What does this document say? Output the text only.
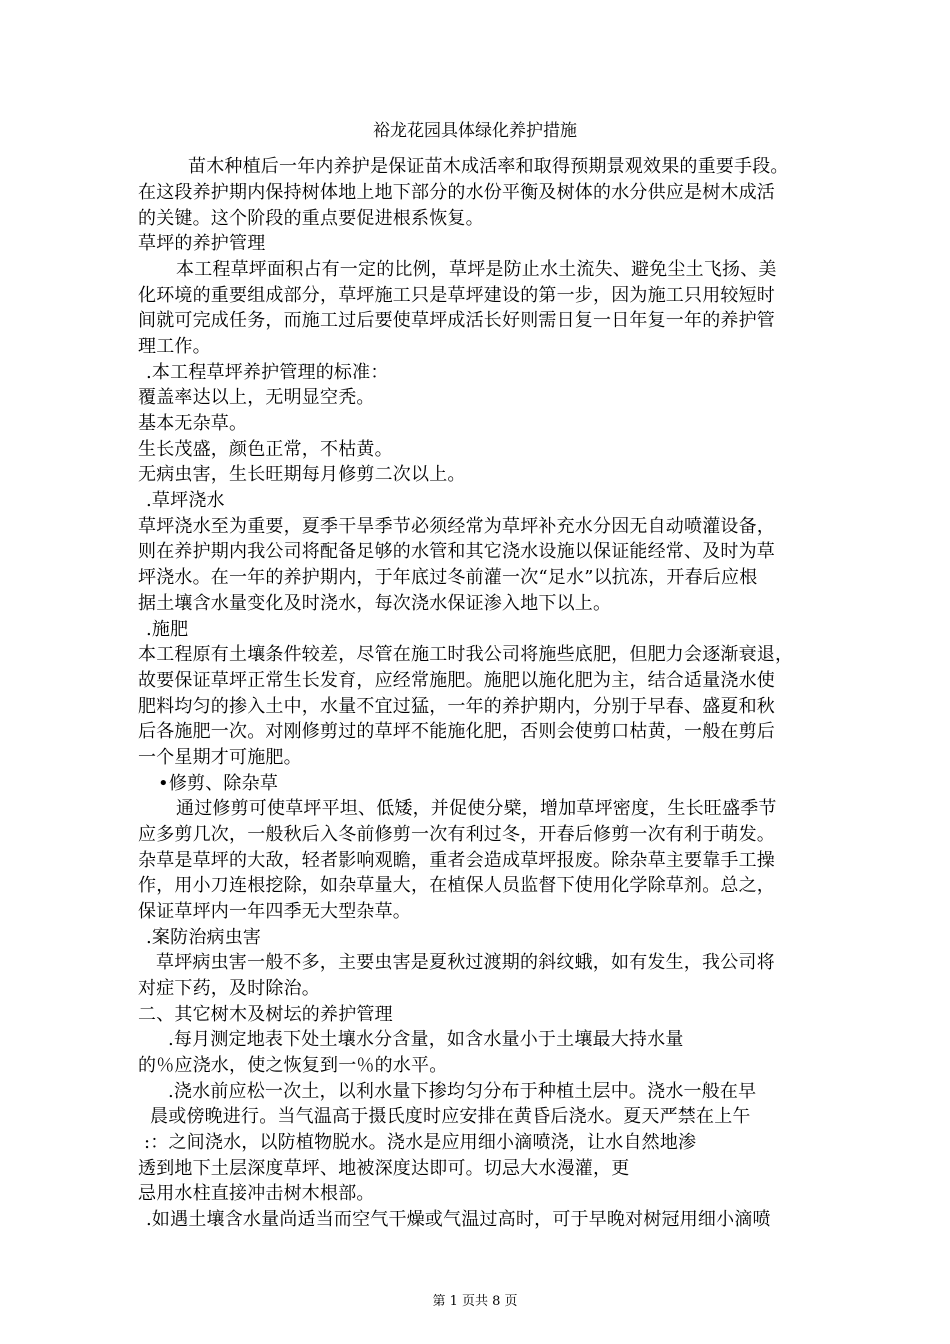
裕龙花园具体绿化养护措施
苗木种植后一年内养护是保证苗木成活率和取得预期景观效果的重要手段。
在这段养护期内保持树体地上地下部分的水份平衡及树体的水分供应是树木成活
的关键。这个阶段的重点要促进根系恢复。
草坪的养护管理
本工程草坪面积占有一定的比例，草坪是防止水土流失、避免尘土飞扬、美
化环境的重要组成部分，草坪施工只是草坪建设的第一步，因为施工只用较短时
间就可完成任务，而施工过后要使草坪成活长好则需日复一日年复一年的养护管
理工作。
.本工程草坪养护管理的标准：
覆盖率达以上，无明显空秃。
基本无杂草。
生长茂盛，颜色正常，不枯黄。
无病虫害，生长旺期每月修剪二次以上。
.草坪浇水
草坪浇水至为重要，夏季干旱季节必须经常为草坪补充水分因无自动喷灌设备，
则在养护期内我公司将配备足够的水管和其它浇水设施以保证能经常、及时为草
坪浇水。在一年的养护期内，于年底过冬前灌一次“足水”以抗冻，开春后应根
据土壤含水量变化及时浇水，每次浇水保证渗入地下以上。
.施肥
本工程原有土壤条件较差，尽管在施工时我公司将施些底肥，但肥力会逐渐衰退，
故要保证草坪正常生长发育，应经常施肥。施肥以施化肥为主，结合适量浇水使
肥料均匀的掺入土中，水量不宜过猛，一年的养护期内，分别于早春、盛夏和秋
后各施肥一次。对刚修剪过的草坪不能施化肥，否则会使剪口枯黄，一般在剪后
一个星期才可施肥。
•修剪、除杂草
通过修剪可使草坪平坦、低矮，并促使分檗，增加草坪密度，生长旺盛季节
应多剪几次，一般秋后入冬前修剪一次有利过冬，开春后修剪一次有利于萌发。
杂草是草坪的大敌，轻者影响观瞻，重者会造成草坪报废。除杂草主要靠手工操
作，用小刀连根挖除，如杂草量大，在植保人员监督下使用化学除草剂。总之，
保证草坪内一年四季无大型杂草。
.案防治病虫害
草坪病虫害一般不多，主要虫害是夏秋过渡期的斜纹蛾，如有发生，我公司将
对症下药，及时除治。
二、其它树木及树坛的养护管理
.每月测定地表下处土壤水分含量，如含水量小于土壤最大持水量
的％应浇水，使之恢复到一％的水平。
.浇水前应松一次土，以利水量下掺均匀分布于种植土层中。浇水一般在早
晨或傍晚进行。当气温高于摄氏度时应安排在黄昏后浇水。夏天严禁在上午
:：之间浇水，以防植物脱水。浇水是应用细小滴喷浇，让水自然地渗
透到地下土层深度草坪、地被深度达即可。切忌大水漫灌，更
忌用水柱直接冲击树木根部。
.如遇土壤含水量尚适当而空气干燥或气温过高时，可于早晚对树冠用细小滴喷
第 1 页共 8 页
